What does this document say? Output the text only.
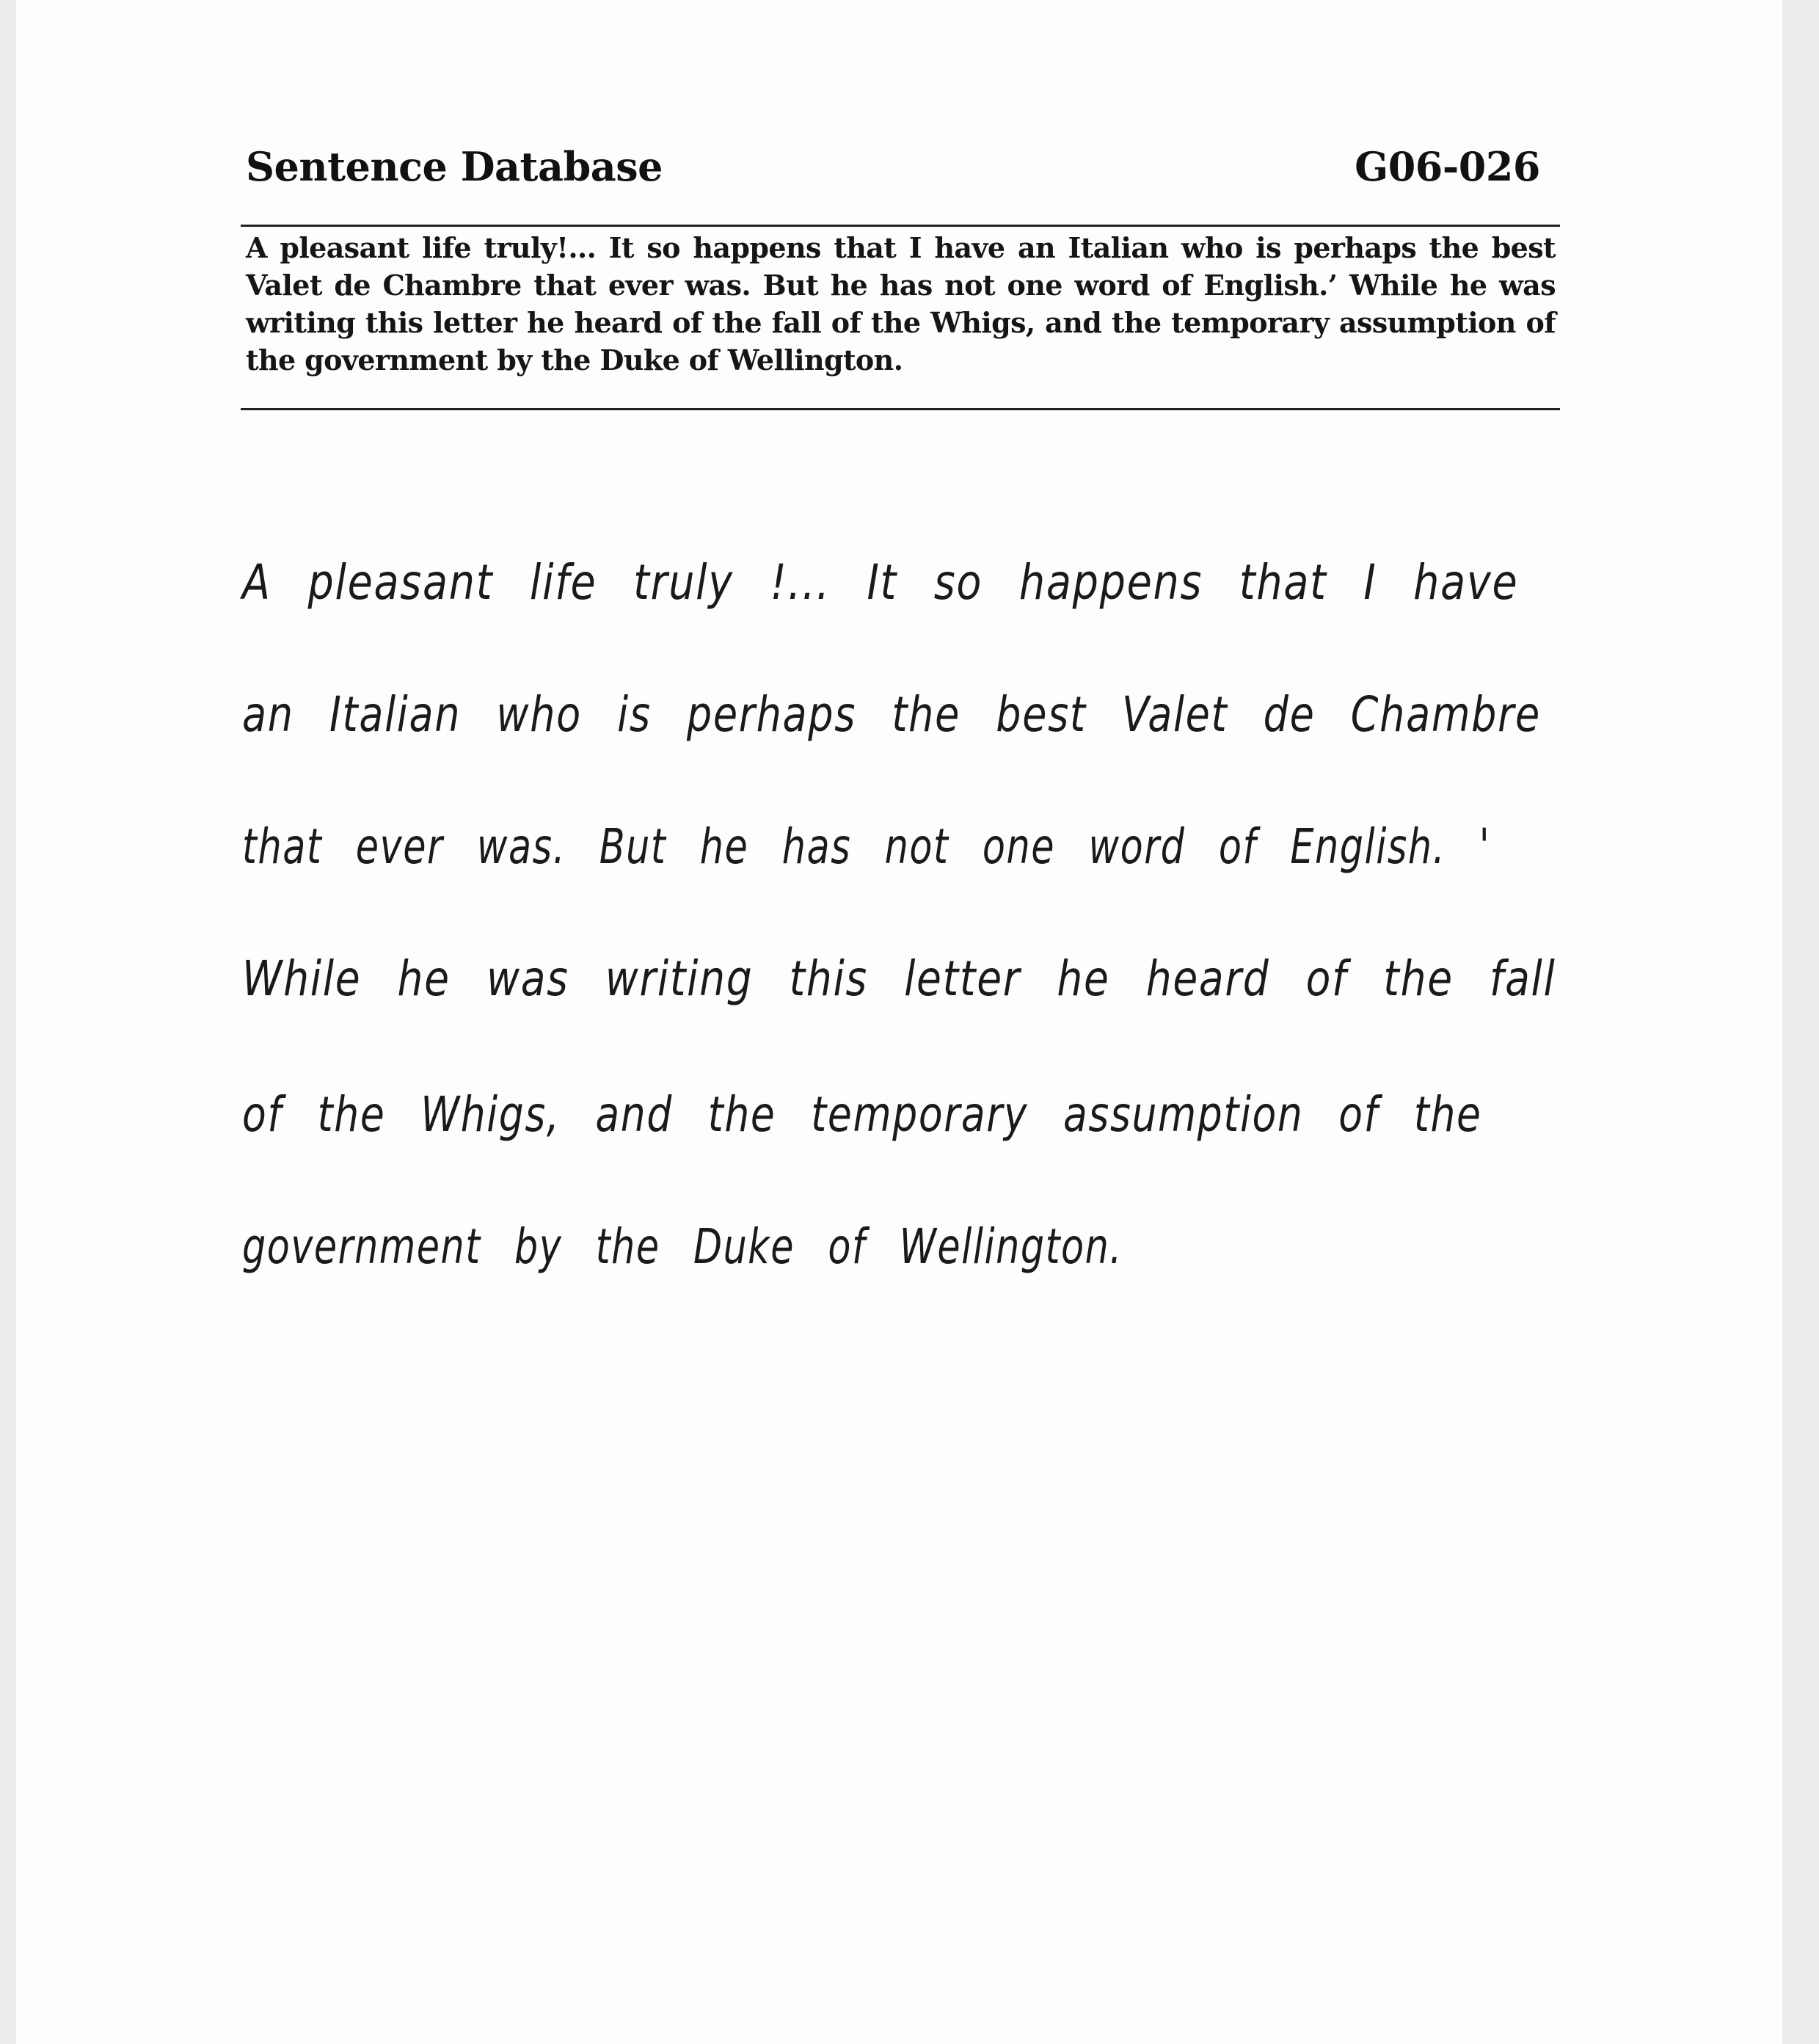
Sentence Database	G06-026
A pleasant life truly!... It so happens that I have an Italian who is perhaps the best Valet de Chambre that ever was. But he has not one word of English.’ While he was writing this letter he heard of the fall of the Whigs, and the temporary assumption of the government by the Duke of Wellington.
A pleasant life truly !... It so happens that I have
an Italian who is perhaps the best Valet de Chambre
that ever was. But he has not one word of English. '
While he was writing this letter he heard of the fall
of the Whigs, and the temporary assumption of the
government by the Duke of Wellington.
